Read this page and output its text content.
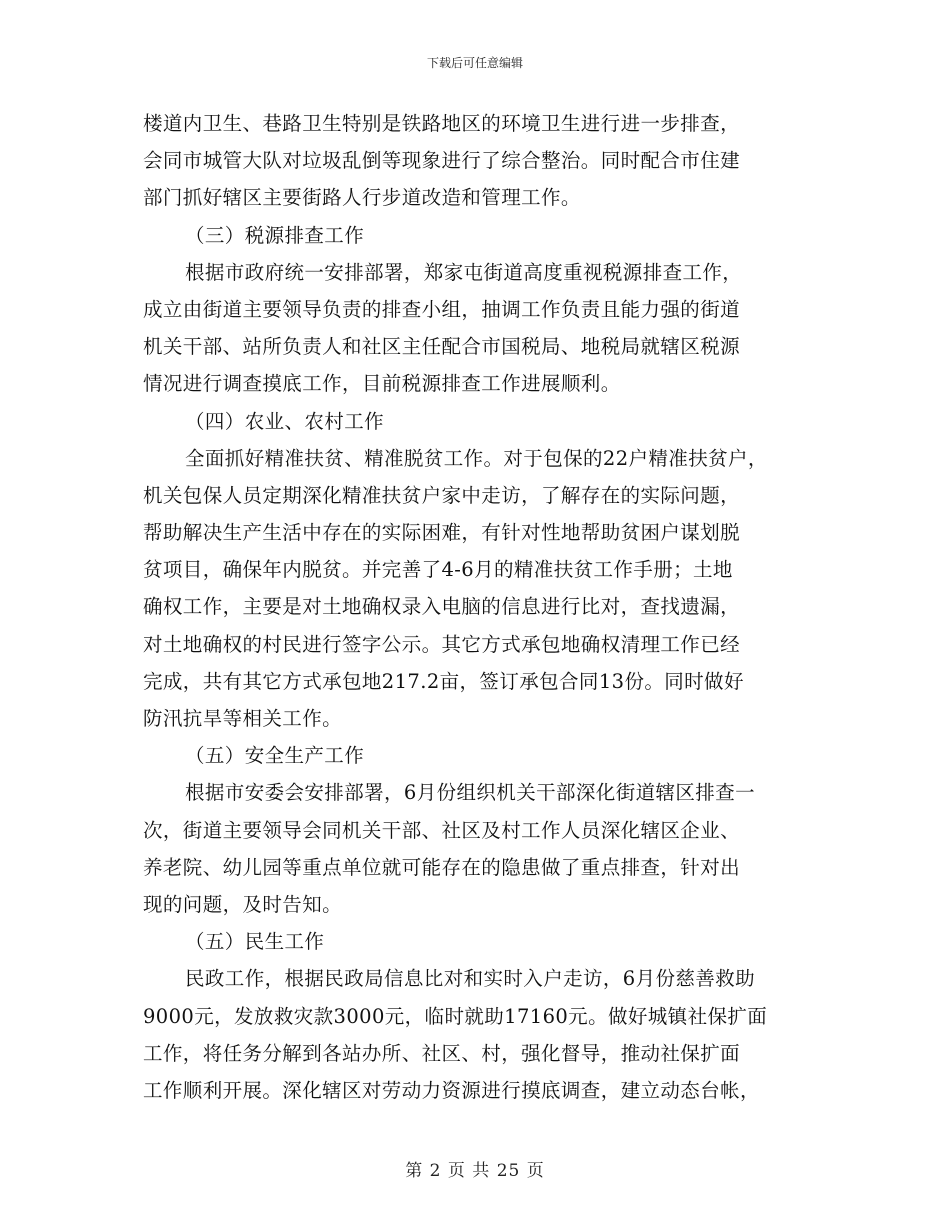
下载后可任意编辑
楼道内卫生、巷路卫生特别是铁路地区的环境卫生进行进一步排查，
会同市城管大队对垃圾乱倒等现象进行了综合整治。同时配合市住建
部门抓好辖区主要街路人行步道改造和管理工作。
（三）税源排查工作
根据市政府统一安排部署，郑家屯街道高度重视税源排查工作，
成立由街道主要领导负责的排查小组，抽调工作负责且能力强的街道
机关干部、站所负责人和社区主任配合市国税局、地税局就辖区税源
情况进行调查摸底工作，目前税源排查工作进展顺利。
（四）农业、农村工作
全面抓好精准扶贫、精准脱贫工作。对于包保的22户精准扶贫户，
机关包保人员定期深化精准扶贫户家中走访，了解存在的实际问题，
帮助解决生产生活中存在的实际困难，有针对性地帮助贫困户谋划脱
贫项目，确保年内脱贫。并完善了4-6月的精准扶贫工作手册；土地
确权工作，主要是对土地确权录入电脑的信息进行比对，查找遗漏，
对土地确权的村民进行签字公示。其它方式承包地确权清理工作已经
完成，共有其它方式承包地217.2亩，签订承包合同13份。同时做好
防汛抗旱等相关工作。
（五）安全生产工作
根据市安委会安排部署，6月份组织机关干部深化街道辖区排查一
次，街道主要领导会同机关干部、社区及村工作人员深化辖区企业、
养老院、幼儿园等重点单位就可能存在的隐患做了重点排查，针对出
现的问题，及时告知。
（五）民生工作
民政工作，根据民政局信息比对和实时入户走访，6月份慈善救助
9000元，发放救灾款3000元，临时就助17160元。做好城镇社保扩面
工作，将任务分解到各站办所、社区、村，强化督导，推动社保扩面
工作顺利开展。深化辖区对劳动力资源进行摸底调查，建立动态台帐，
第 2 页 共 25 页
